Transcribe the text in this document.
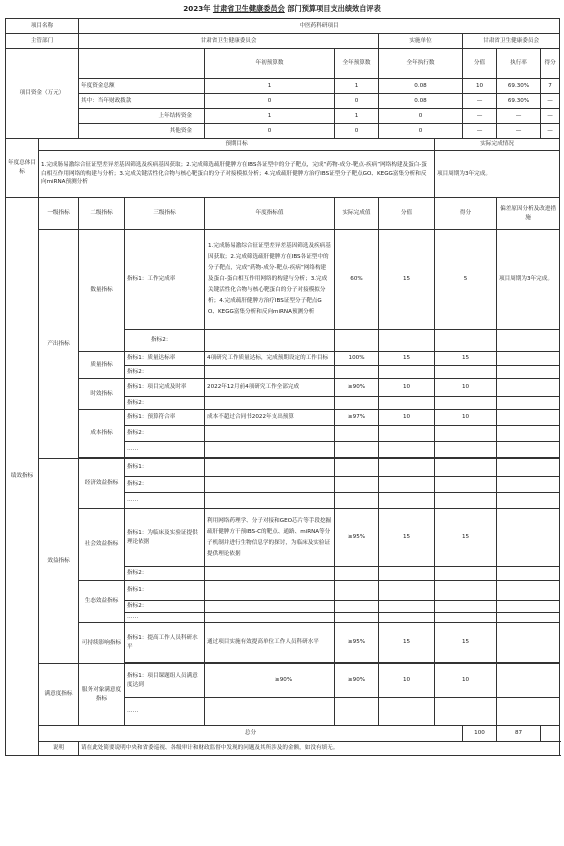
2023年 甘肃省卫生健康委员会 部门预算项目支出绩效自评表
项目名称		中医药科研项目								
主管部门		甘肃省卫生健康委员会				实施单位		甘肃省卫生健康委员会		
项目资金（万元）				年初预算数	全年预算数	全年执行数		分值	执行率	得分
		年度资金总额		1	1	0.08		10	69.30%	7
		其中：当年财政拨款		0	0	0.08		—	69.30%	—
		上年结转资金		1	1	0		—	—	—
		其他资金		0	0	0		—	—	—
年度总体目标	预期目标						实际完成情况			
	1.完成肠易激综合征证型差异差基因筛选及疾病基因获取；2.完成筛选疏肝健脾方在IBS各证型中的分子靶点，完成“药物-成分-靶点-疾病”网络构建及蛋白-蛋白相互作用网络的构建与分析；3.完成关键活性化合物与核心靶蛋白的分子对接模拟分析；4.完成疏肝健脾方治疗IBS证型分子靶点GO、KEGG富集分析和反向miRNA预测分析						项目周期为3年完成。			
绩效指标	一级指标	二级指标	三级指标	年度指标值	实际完成值	分值	得分		偏差原因分析及改进措施	
	产出指标	数量指标	指标1：工作完成率	1.完成肠易激综合征证型差异差基因筛选及疾病基因获取；2.完成筛选疏肝健脾方在IBS各证型中的分子靶点，完成“药物-成分-靶点-疾病”网络构建及蛋白-蛋白相互作用网络的构建与分析；3.完成关键活性化合物与核心靶蛋白的分子对接模拟分析；4.完成疏肝健脾方治疗IBS证型分子靶点GO、KEGG富集分析和反向miRNA预测分析	60%	15	5		项目周期为3年完成。	
			指标2：							
		质量指标	指标1：质量达标率	4项研究工作质量达标，完成预期设定的工作目标	100%	15	15			
			指标2：							
		时效指标	指标1：项目完成及时率	2022年12月前4项研究工作全部完成	≥90%	10	10			
			指标2：							
		成本指标	指标1：预算符合率	成本不超过合同书2022年支出预算	≥97%	10	10			
			指标2：							
			……							

	效益指标	经济效益指标	指标1：							
			指标2：							
			……							
		社会效益指标	指标1：为临床及实验证提供理论依据	利用网络药理学、分子对接和GEO芯片等手段挖掘疏肝健脾方干预IBS-C的靶点、通路、miRNA等分子机制并进行生物信息学的探讨，为临床及实验证提供理论依据	≥95%	15	15			
			指标2：							
		生态效益指标	指标1：							
			指标2：							
			……							
		可持续影响指标	指标1：提高工作人员科研水平	通过项目实施有效提高单位工作人员科研水平	≥95%	15	15			

	满意度指标	服务对象满意度指标	指标1：项目课题组人员满意度达到	≥90%	≥90%	10	10			
			……							
	总分							100	87	
	说明	请在此处简要说明中央和省委巡视、各级审计和财政监督中发现的问题及其所涉及的金额，如没有填无。								
